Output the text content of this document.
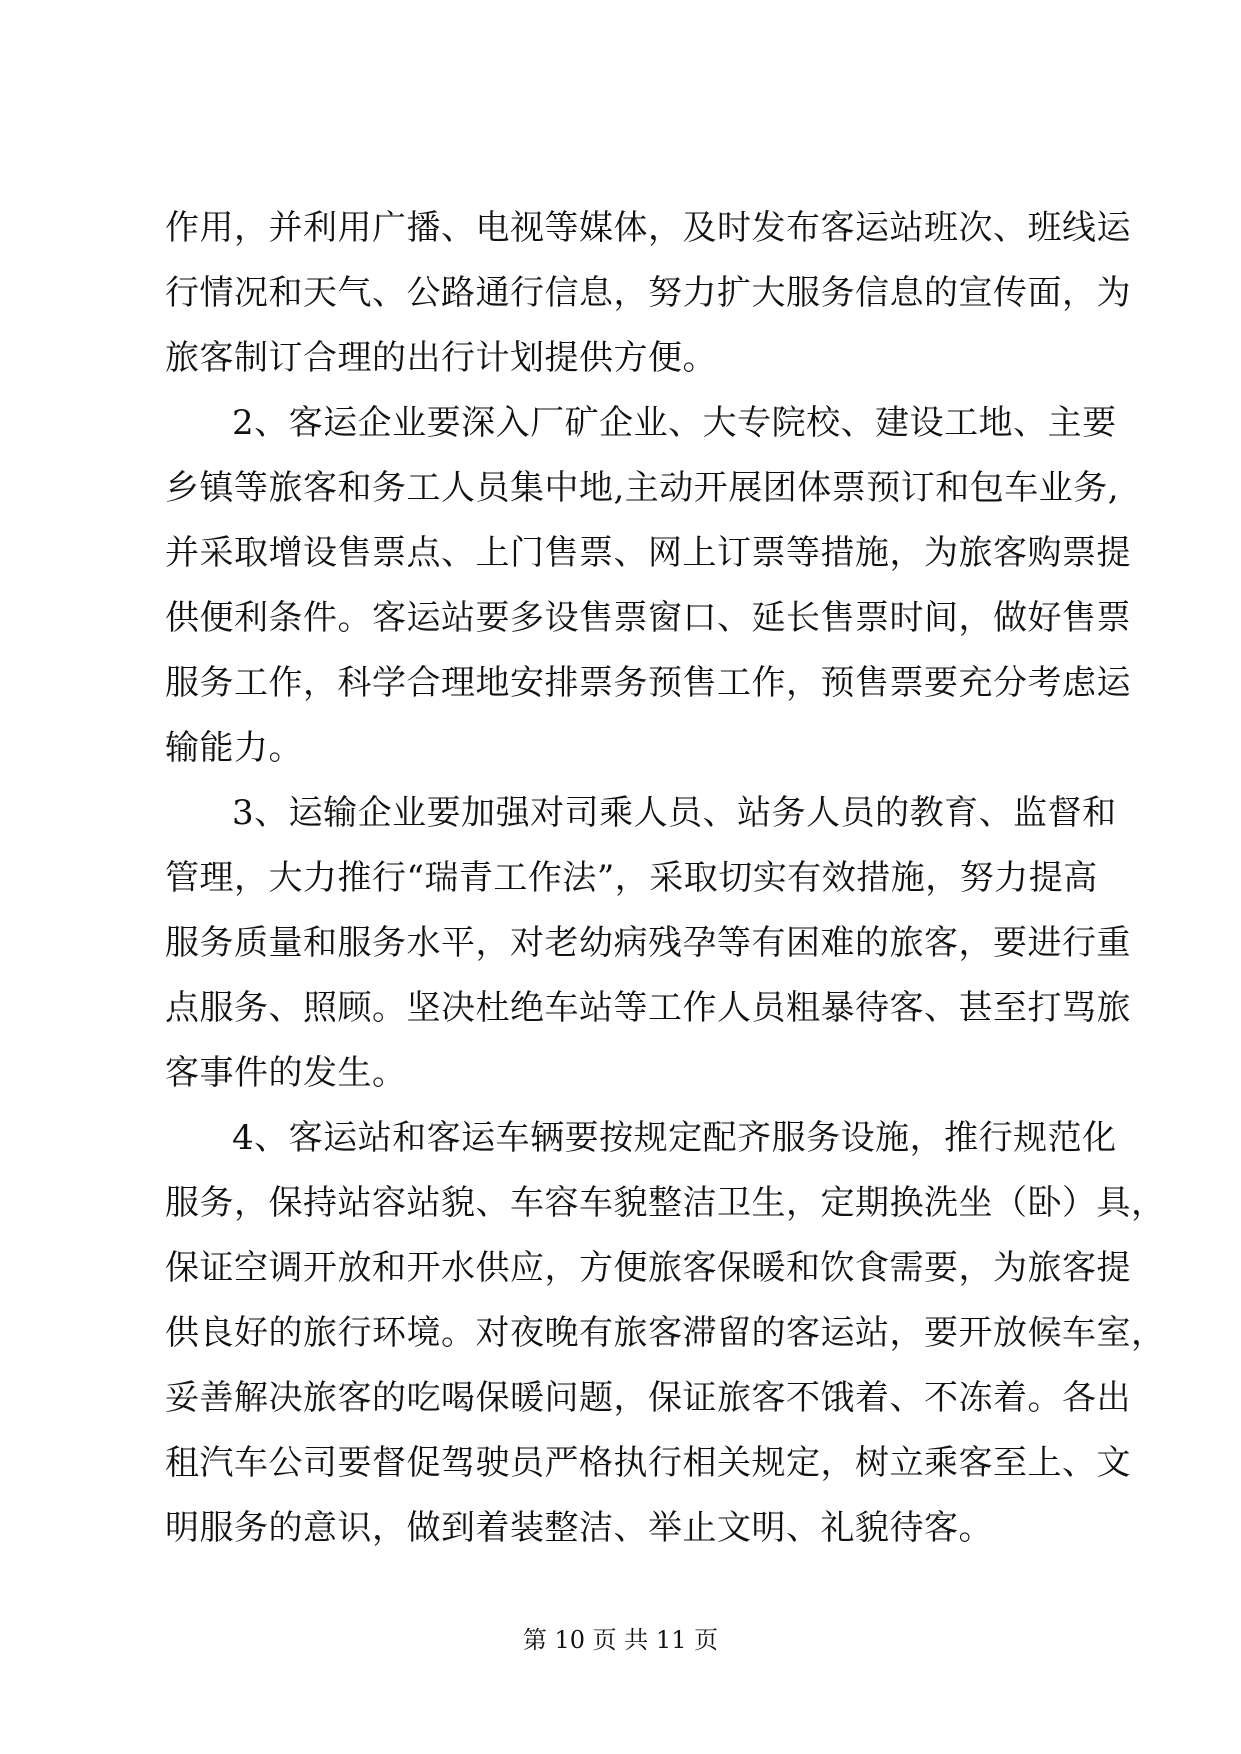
作用，并利用广播、电视等媒体，及时发布客运站班次、班线运
行情况和天气、公路通行信息，努力扩大服务信息的宣传面，为
旅客制订合理的出行计划提供方便。
2、客运企业要深入厂矿企业、大专院校、建设工地、主要
乡镇等旅客和务工人员集中地,主动开展团体票预订和包车业务,
并采取增设售票点、上门售票、网上订票等措施，为旅客购票提
供便利条件。客运站要多设售票窗口、延长售票时间，做好售票
服务工作，科学合理地安排票务预售工作，预售票要充分考虑运
输能力。
3、运输企业要加强对司乘人员、站务人员的教育、监督和
管理，大力推行“瑞青工作法”，采取切实有效措施，努力提高
服务质量和服务水平，对老幼病残孕等有困难的旅客，要进行重
点服务、照顾。坚决杜绝车站等工作人员粗暴待客、甚至打骂旅
客事件的发生。
4、客运站和客运车辆要按规定配齐服务设施，推行规范化
服务，保持站容站貌、车容车貌整洁卫生，定期换洗坐（卧）具，
保证空调开放和开水供应，方便旅客保暖和饮食需要，为旅客提
供良好的旅行环境。对夜晚有旅客滞留的客运站，要开放候车室，
妥善解决旅客的吃喝保暖问题，保证旅客不饿着、不冻着。各出
租汽车公司要督促驾驶员严格执行相关规定，树立乘客至上、文
明服务的意识，做到着装整洁、举止文明、礼貌待客。
第 10 页 共 11 页
